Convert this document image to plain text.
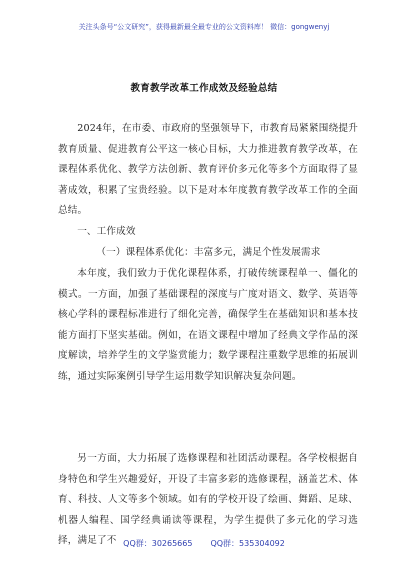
关注头条号“公文研究”，获得最新最全最专业的公文资料库！ 微信：gongwenyj
教育教学改革工作成效及经验总结
2024年，在市委、市政府的坚强领导下，市教育局紧紧围绕提升教育质量、促进教育公平这一核心目标，大力推进教育教学改革，在课程体系优化、教学方法创新、教育评价多元化等多个方面取得了显著成效，积累了宝贵经验。以下是对本年度教育教学改革工作的全面总结。
一、工作成效
（一）课程体系优化：丰富多元，满足个性发展需求
本年度，我们致力于优化课程体系，打破传统课程单一、僵化的模式。一方面，加强了基础课程的深度与广度对语文、数学、英语等核心学科的课程标准进行了细化完善，确保学生在基础知识和基本技能方面打下坚实基础。例如，在语文课程中增加了经典文学作品的深度解读，培养学生的文学鉴赏能力；数学课程注重数学思维的拓展训练，通过实际案例引导学生运用数学知识解决复杂问题。
另一方面，大力拓展了选修课程和社团活动课程。各学校根据自身特色和学生兴趣爱好，开设了丰富多彩的选修课程，涵盖艺术、体育、科技、人文等多个领域。如有的学校开设了绘画、舞蹈、足球、机器人编程、国学经典诵读等课程，为学生提供了多元化的学习选择，满足了不 QQ群：30265665 QQ群：535304092
